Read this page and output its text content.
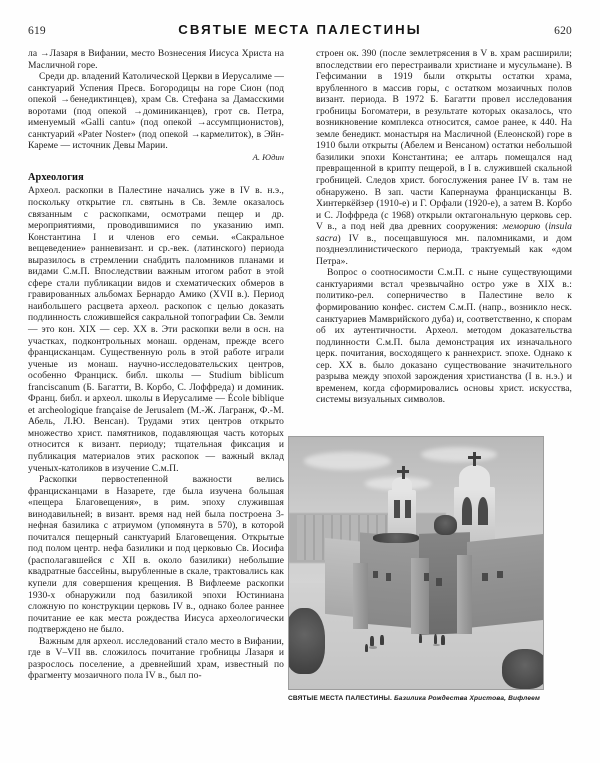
619	СВЯТЫЕ МЕСТА ПАЛЕСТИНЫ	620

ла →Лазаря в Вифании, место Вознесения Иисуса Христа на Масличной горе.

Среди др. владений Католической Церкви в Иерусалиме — санктуарий Успения Пресв. Богородицы на горе Сион (под опекой →бенедиктинцев), храм Св. Стефана за Дамасскими воротами (под опекой →доминиканцев), грот св. Петра, именуемый «Galli cantu» (под опекой →ассумпционистов), санктуарий «Pater Noster» (под опекой →кармелиток), в Эйн-Кареме — источник Девы Марии.

А. Юдин

Археология

Археол. раскопки в Палестине начались уже в IV в. н.э., поскольку открытие гл. святынь в Св. Земле оказалось связанным с раскопками, осмотрами пещер и др. мероприятиями, проводившимися по указанию имп. Константина I и членов его семьи. «Сакральное вещеведение» ранневизант. и ср.-век. (латинского) периода выразилось в стремлении снабдить паломников планами и видами С.м.П. Впоследствии важным итогом работ в этой сфере стали публикации видов и схематических обмеров в гравированных альбомах Бернардо Амико (XVII в.). Период наибольшего расцвета археол. раскопок с целью доказать подлинность сложившейся сакральной топографии Св. Земли — это кон. XIX — сер. XX в. Эти раскопки вели в осн. на участках, подконтрольных монаш. орденам, прежде всего францисканцам. Существенную роль в этой работе играли ученые из монаш. научно-исследовательских центров, особенно Франциск. библ. школы — Studium biblicum franciscanum (Б. Багатти, В. Корбо, С. Лоффреда) и доминик. Франц. библ. и археол. школы в Иерусалиме — École biblique et archeologique française de Jerusalem (М.-Ж. Лагранж, Ф.-М. Абель, Л.Ю. Венсан). Трудами этих центров открыто множество христ. памятников, подавляющая часть которых относится к визант. периоду; тщательная фиксация и публикация материалов этих раскопок — важный вклад ученых-католиков в изучение С.м.П.

Раскопки первостепенной важности велись францисканцами в Назарете, где была изучена большая «пещера Благовещения», в рим. эпоху служившая винодавильней; в визант. время над ней была построена 3-нефная базилика с атриумом (упомянута в 570), в которой почитался пещерный санктуарий Благовещения. Открытые под полом центр. нефа базилики и под церковью Св. Иосифа (располагавшейся с XII в. около базилики) небольшие квадратные бассейны, вырубленные в скале, трактовались как купели для совершения крещения. В Вифлееме раскопки 1930-х обнаружили под базиликой эпохи Юстиниана сложную по конструкции церковь IV в., однако более раннее почитание ее как места рождества Иисуса археологически подтверждено не было.

Важным для археол. исследований стало место в Вифании, где в V–VII вв. сложилось почитание гробницы Лазаря и разрослось поселение, а древнейший храм, известный по фрагменту мозаичного пола IV в., был по-

строен ок. 390 (после землетрясения в V в. храм расширили; впоследствии его перестраивали христиане и мусульмане). В Гефсимании в 1919 были открыты остатки храма, врубленного в массив горы, с остатком мозаичных полов визант. периода. В 1972 Б. Багатти провел исследования гробницы Богоматери, в результате которых оказалось, что возникновение комплекса относится, самое ранее, к 440. На земле бенедикт. монастыря на Масличной (Елеонской) горе в 1910 были открыты (Абелем и Венсаном) остатки небольшой базилики эпохи Константина; ее алтарь помещался над превращенной в крипту пещерой, в I в. служившей скальной гробницей. Следов христ. богослужения ранее IV в. там не обнаружено. В зап. части Капернаума францисканцы В. Хинтеркёйзер (1910-е) и Г. Орфали (1920-е), а затем В. Корбо и С. Лоффреда (с 1968) открыли октагональную церковь сер. V в., а под ней два древних сооружения: меморию (insula sacra) IV в., посещавшуюся мн. паломниками, и дом позднеэллинистического периода, трактуемый как «дом Петра».

Вопрос о соотносимости С.м.П. с ныне существующими санктуариями встал чрезвычайно остро уже в XIX в.: политико-рел. соперничество в Палестине вело к формированию конфес. систем С.м.П. (напр., возникло неск. санктуариев Мамврийского дуба) и, соответственно, к спорам об их аутентичности. Археол. методом доказательства подлинности С.м.П. была демонстрация их изначального церк. почитания, восходящего к раннехрист. эпохе. Однако к сер. XX в. было доказано существование значительного разрыва между эпохой зарождения христианства (I в. н.э.) и временем, когда сформировались основы христ. искусства, системы визуальных символов.

СВЯТЫЕ МЕСТА ПАЛЕСТИНЫ. Базилика Рождества Христова, Вифлеем
